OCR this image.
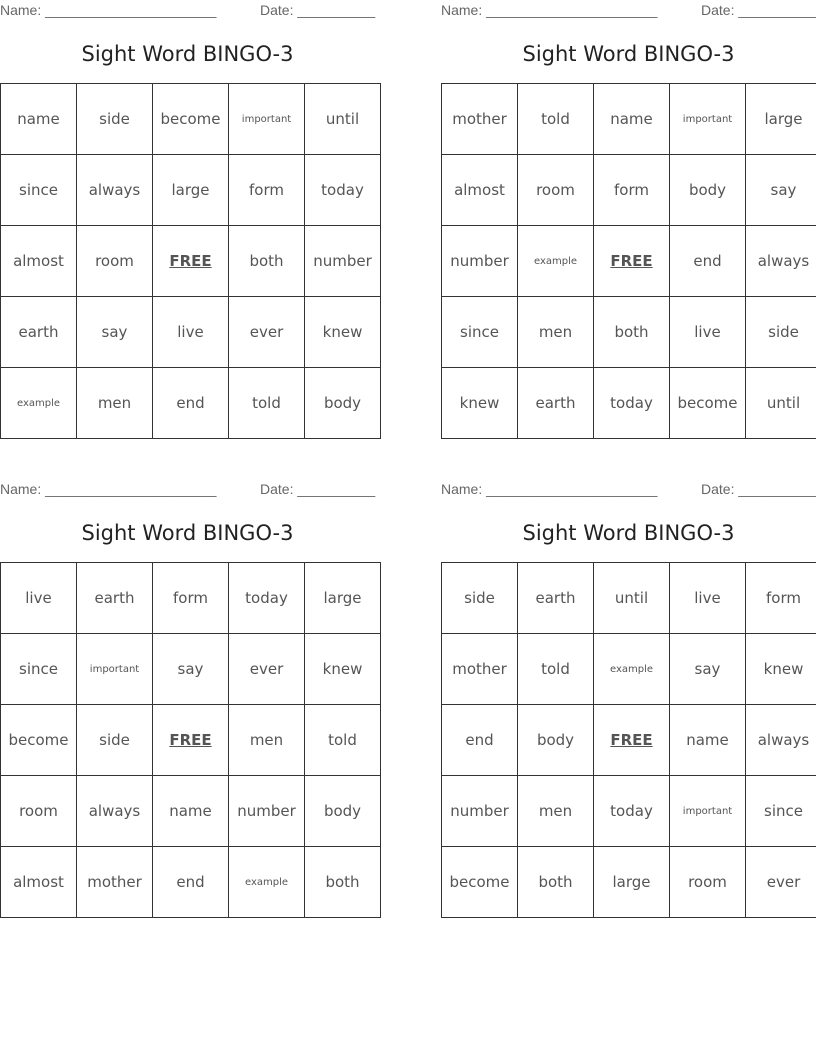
Name: ______________________	Date: __________
Sight Word BINGO-3
name	side	become	important	until
since	always	large	form	today
almost	room	FREE	both	number
earth	say	live	ever	knew
example	men	end	told	body
Name: ______________________	Date: __________
Sight Word BINGO-3
mother	told	name	important	large
almost	room	form	body	say
number	example	FREE	end	always
since	men	both	live	side
knew	earth	today	become	until
Name: ______________________	Date: __________
Sight Word BINGO-3
live	earth	form	today	large
since	important	say	ever	knew
become	side	FREE	men	told
room	always	name	number	body
almost	mother	end	example	both
Name: ______________________	Date: __________
Sight Word BINGO-3
side	earth	until	live	form
mother	told	example	say	knew
end	body	FREE	name	always
number	men	today	important	since
become	both	large	room	ever
